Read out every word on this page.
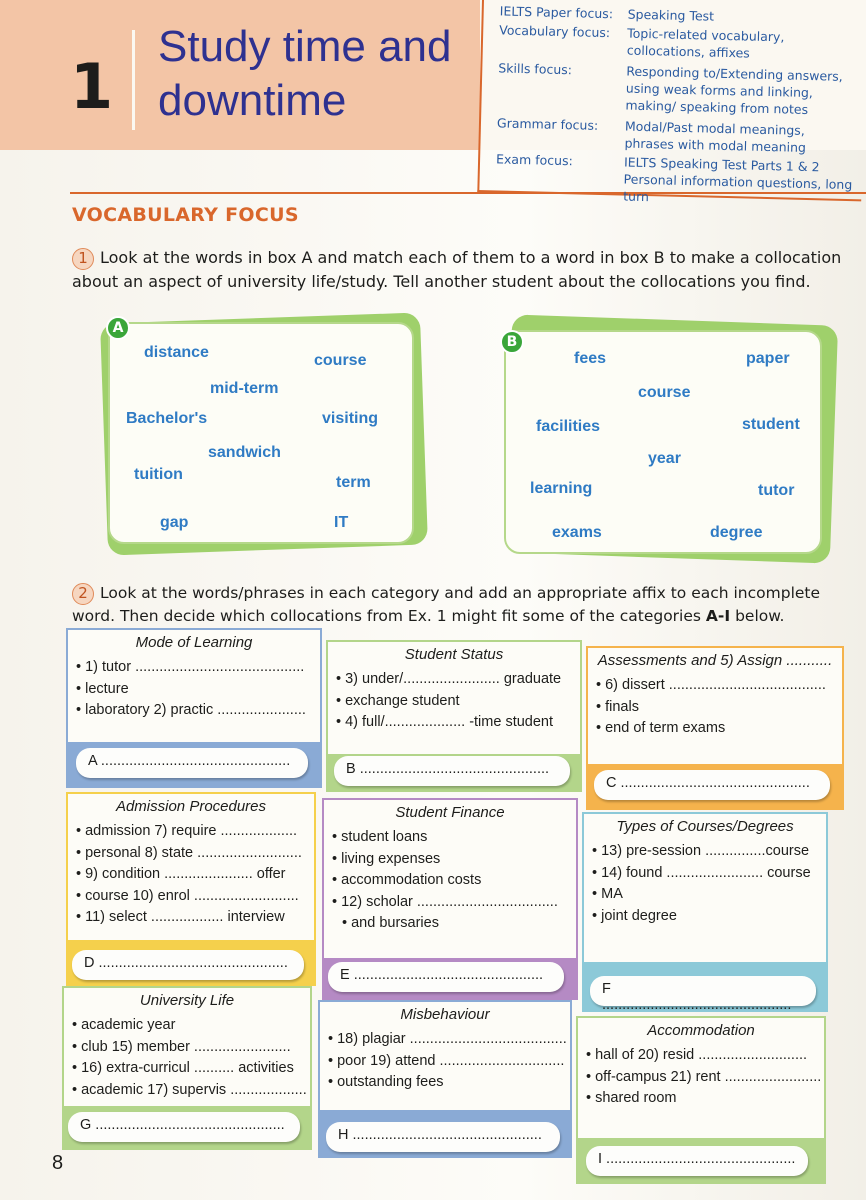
1
Study time and downtime
IELTS Paper focus:	Speaking Test
Vocabulary focus:	Topic-related vocabulary, collocations, affixes
Skills focus:	Responding to/Extending answers, using weak forms and linking, making/ speaking from notes
Grammar focus:	Modal/Past modal meanings, phrases with modal meaning
Exam focus:	IELTS Speaking Test Parts 1 & 2 Personal information questions, long turn
VOCABULARY FOCUS
1 Look at the words in box A and match each of them to a word in box B to make a collocation about an aspect of university life/study. Tell another student about the collocations you find.
distance	course
mid-term
Bachelor's	visiting
sandwich
tuition	term
gap	IT
A
fees	paper
course
facilities	student
year
learning	tutor
exams	degree
B
2 Look at the words/phrases in each category and add an appropriate affix to each incomplete word. Then decide which collocations from Ex. 1 might fit some of the categories A-I below.
Mode of Learning
• 1) tutor ..........................................
• lecture
• laboratory 2) practic ......................
A ...............................................
Student Status
• 3) under/........................ graduate
• exchange student
• 4) full/.................... -time student
B ...............................................
Assessments and 5) Assign ...........
• 6) dissert .......................................
• finals
• end of term exams
C ...............................................
Admission Procedures
• admission 7) require ...................
• personal 8) state ..........................
• 9) condition ...................... offer
• course 10) enrol ..........................
• 11) select .................. interview
D ...............................................
Student Finance
• student loans
• living expenses
• accommodation costs
• 12) scholar ...................................
• and bursaries
E ...............................................
Types of Courses/Degrees
• 13) pre-session ...............course
• 14) found ........................ course
• MA
• joint degree
F ...............................................
University Life
• academic year
• club 15) member ........................
• 16) extra-curricul .......... activities
• academic 17) supervis ...................
G ...............................................
Misbehaviour
• 18) plagiar .......................................
• poor 19) attend ...............................
• outstanding fees
H ...............................................
Accommodation
• hall of 20) resid ...........................
• off-campus 21) rent ........................
• shared room
I ...............................................
8
